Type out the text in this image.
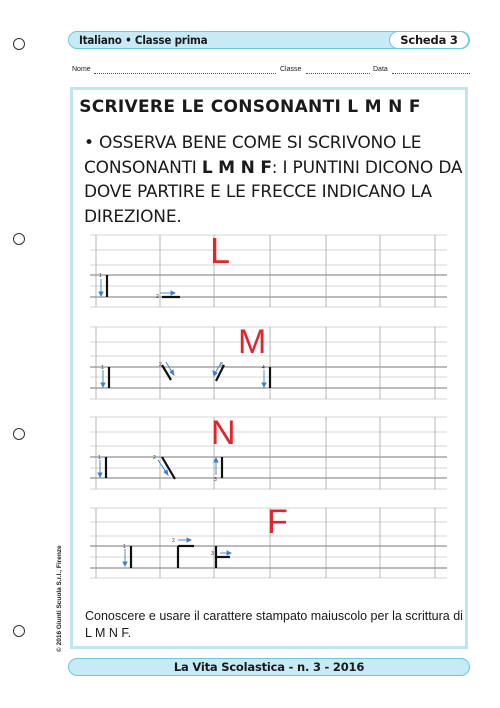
Italiano • Classe prima	Scheda 3
Nome	Classe	Data
SCRIVERE LE CONSONANTI L M N F
• OSSERVA BENE COME SI SCRIVONO LE CONSONANTI L M N F: I PUNTINI DICONO DA DOVE PARTIRE E LE FRECCE INDICANO LA DIREZIONE.
L
M
N
F
1
2
1	2	3	4
1	2
3
1
2
3
Conoscere e usare il carattere stampato maiuscolo per la scrittura di L M N F.
La Vita Scolastica - n. 3 - 2016
© 2016 Giunti Scuola S.r.l., Firenze
